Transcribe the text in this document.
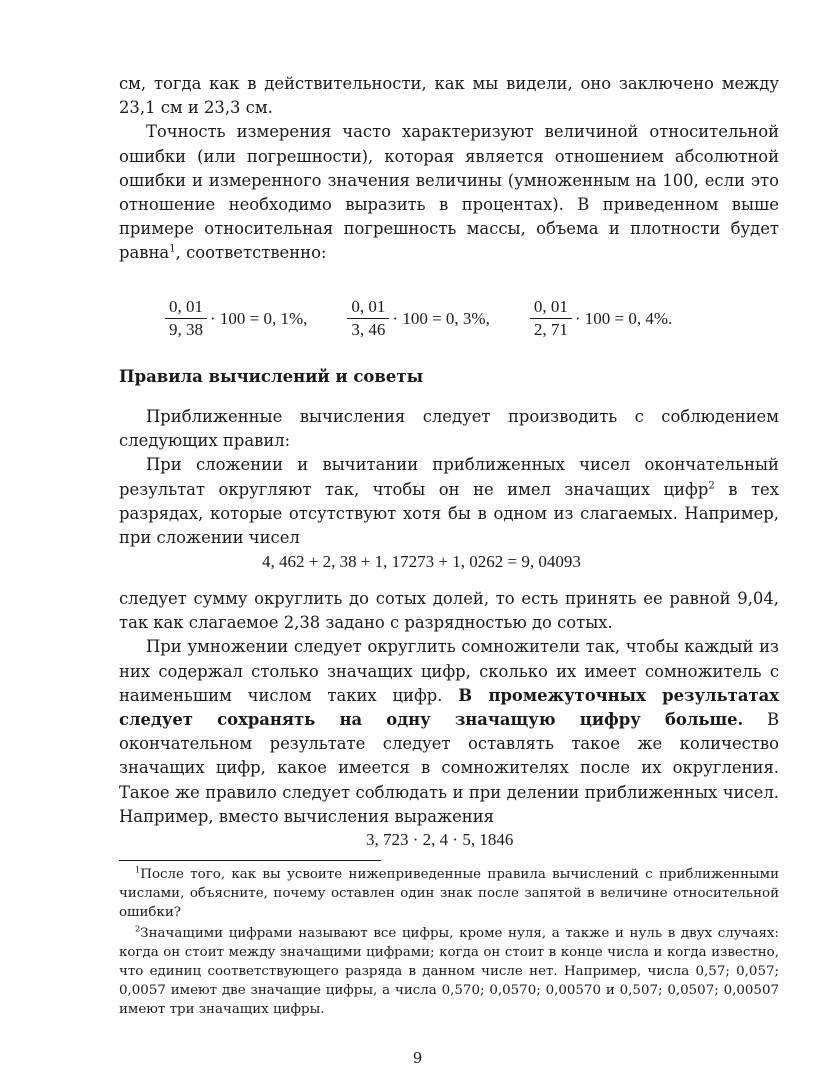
см, тогда как в действительности, как мы видели, оно заключено между 23,1 см и 23,3 см.

Точность измерения часто характеризуют величиной относительной ошибки (или погрешности), которая является отношением абсолютной ошибки и измеренного значения величины (умноженным на 100, если это отношение необходимо выразить в процентах). В приведенном выше примере относительная погрешность массы, объема и плотности будет равна$^1$, соответственно:

$\frac{0, 01}{9, 38} \cdot 100 = 0$, 1%, $\frac{0, 01}{3, 46} \cdot 100 = 0$, 3%, $\frac{0, 01}{2, 71} \cdot 100 = 0$, 4%.
Правила вычислений и советы

Приближенные вычисления следует производить с соблюдением следующих правил:

При сложении и вычитании приближенных чисел окончательный результат округляют так, чтобы он не имел значащих цифр$^2$ в тех разрядах, которые отсутствуют хотя бы в одном из слагаемых. Например, при сложении чисел

4, 462 + 2, 38 + 1, 17273 + 1, 0262 = 9, 04093

следует сумму округлить до сотых долей, то есть принять ее равной 9,04, так как слагаемое 2,38 задано с разрядностью до сотых.

При умножении следует округлить сомножители так, чтобы каждый из них содержал столько значащих цифр, сколько их имеет сомножитель с наименьшим числом таких цифр. В промежуточных результатах следует сохранять на одну значащую цифру больше. В окончательном результате следует оставлять такое же количество значащих цифр, какое имеется в сомножителях после их округления. Такое же правило следует соблюдать и при делении приближенных чисел. Например, вместо вычисления выражения

3, 723 · 2, 4 · 5, 1846

$^1$После того, как вы усвоите нижеприведенные правила вычислений с приближенными числами, объясните, почему оставлен один знак после запятой в величине относительной ошибки?

$^2$Значащими цифрами называют все цифры, кроме нуля, а также и нуль в двух случаях: когда он стоит между значащими цифрами; когда он стоит в конце числа и когда известно, что единиц соответствующего разряда в данном числе нет. Например, числа 0,57; 0,057; 0,0057 имеют две значащие цифры, а числа 0,570; 0,0570; 0,00570 и 0,507; 0,0507; 0,00507 имеют три значащих цифры.

9
